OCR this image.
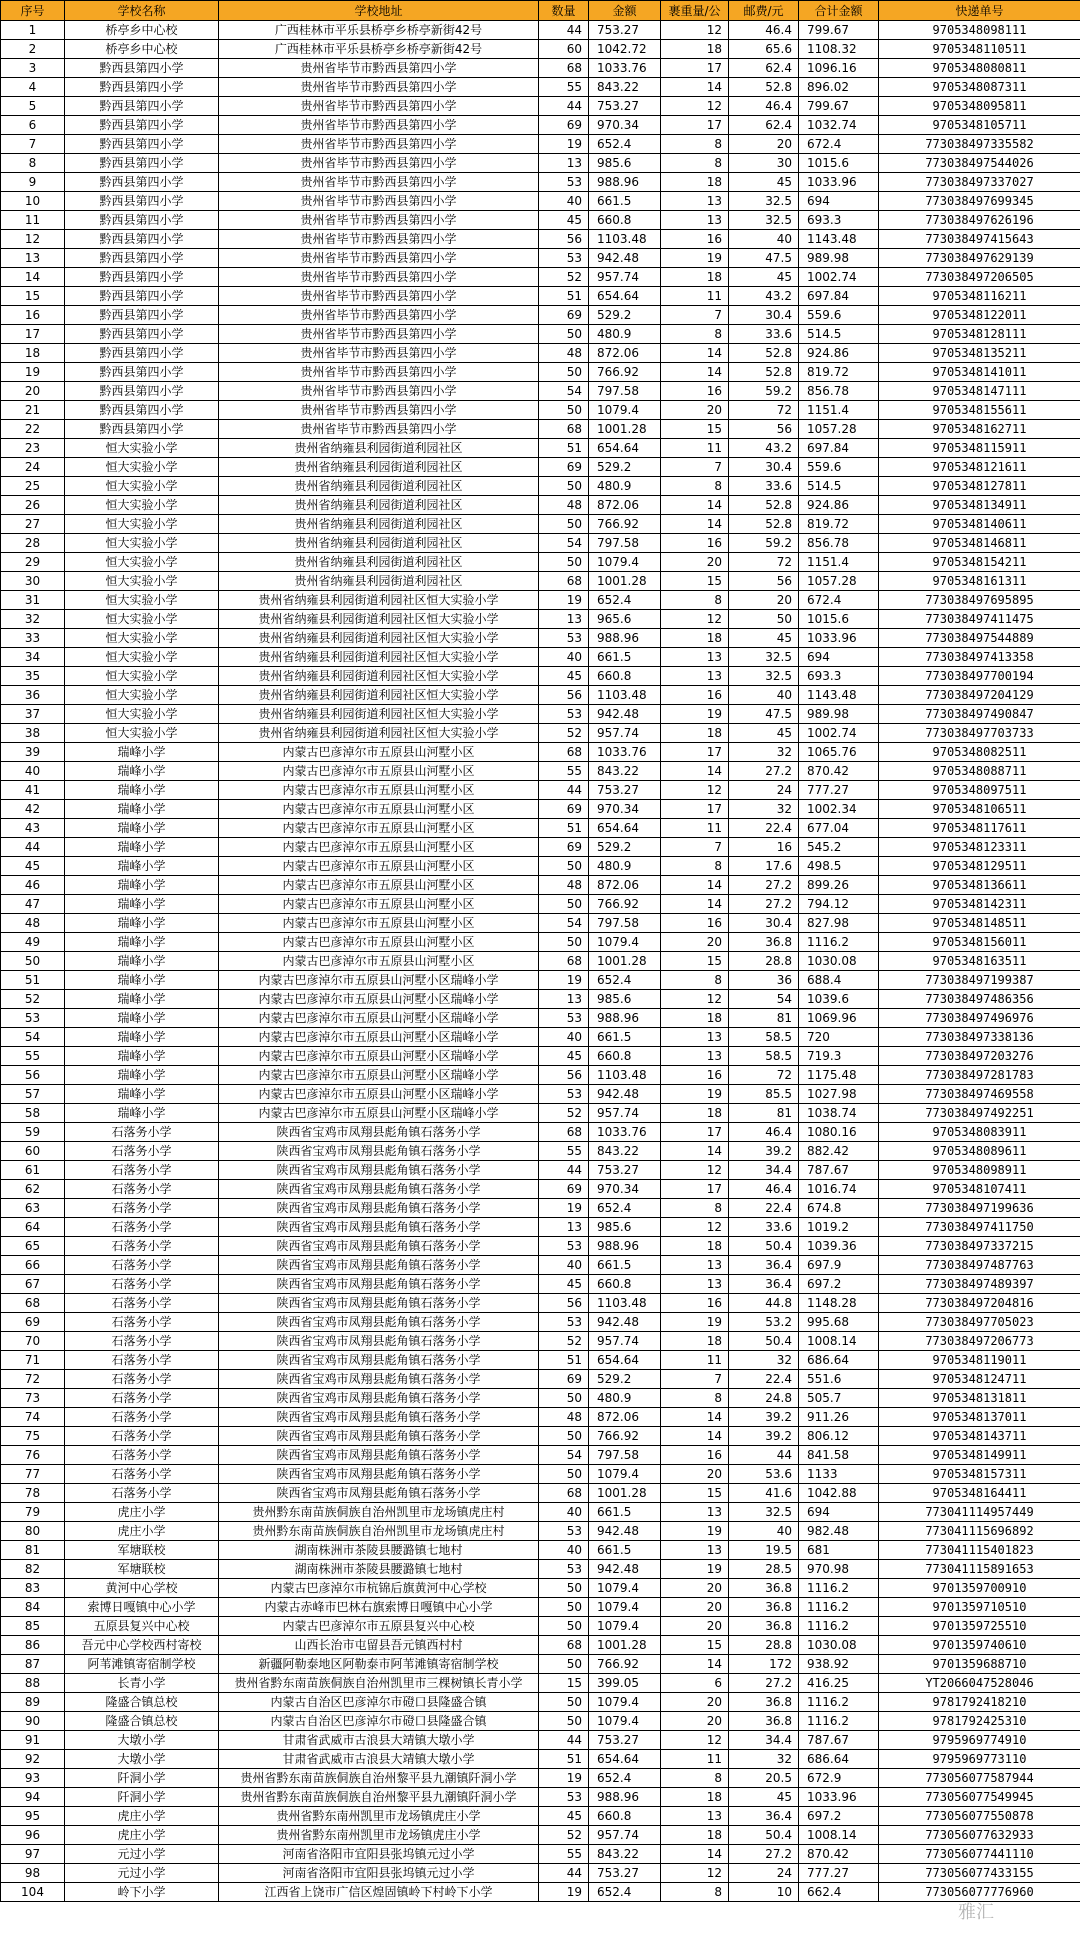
序号	学校名称	学校地址	数量	金额	裹重量/公	邮费/元	合计金额	快递单号
1	桥亭乡中心校	广西桂林市平乐县桥亭乡桥亭新街42号	44	753.27	12	46.4	799.67	9705348098111
2	桥亭乡中心校	广西桂林市平乐县桥亭乡桥亭新街42号	60	1042.72	18	65.6	1108.32	9705348110511
3	黔西县第四小学	贵州省毕节市黔西县第四小学	68	1033.76	17	62.4	1096.16	9705348080811
4	黔西县第四小学	贵州省毕节市黔西县第四小学	55	843.22	14	52.8	896.02	9705348087311
5	黔西县第四小学	贵州省毕节市黔西县第四小学	44	753.27	12	46.4	799.67	9705348095811
6	黔西县第四小学	贵州省毕节市黔西县第四小学	69	970.34	17	62.4	1032.74	9705348105711
7	黔西县第四小学	贵州省毕节市黔西县第四小学	19	652.4	8	20	672.4	773038497335582
8	黔西县第四小学	贵州省毕节市黔西县第四小学	13	985.6	8	30	1015.6	773038497544026
9	黔西县第四小学	贵州省毕节市黔西县第四小学	53	988.96	18	45	1033.96	773038497337027
10	黔西县第四小学	贵州省毕节市黔西县第四小学	40	661.5	13	32.5	694	773038497699345
11	黔西县第四小学	贵州省毕节市黔西县第四小学	45	660.8	13	32.5	693.3	773038497626196
12	黔西县第四小学	贵州省毕节市黔西县第四小学	56	1103.48	16	40	1143.48	773038497415643
13	黔西县第四小学	贵州省毕节市黔西县第四小学	53	942.48	19	47.5	989.98	773038497629139
14	黔西县第四小学	贵州省毕节市黔西县第四小学	52	957.74	18	45	1002.74	773038497206505
15	黔西县第四小学	贵州省毕节市黔西县第四小学	51	654.64	11	43.2	697.84	9705348116211
16	黔西县第四小学	贵州省毕节市黔西县第四小学	69	529.2	7	30.4	559.6	9705348122011
17	黔西县第四小学	贵州省毕节市黔西县第四小学	50	480.9	8	33.6	514.5	9705348128111
18	黔西县第四小学	贵州省毕节市黔西县第四小学	48	872.06	14	52.8	924.86	9705348135211
19	黔西县第四小学	贵州省毕节市黔西县第四小学	50	766.92	14	52.8	819.72	9705348141011
20	黔西县第四小学	贵州省毕节市黔西县第四小学	54	797.58	16	59.2	856.78	9705348147111
21	黔西县第四小学	贵州省毕节市黔西县第四小学	50	1079.4	20	72	1151.4	9705348155611
22	黔西县第四小学	贵州省毕节市黔西县第四小学	68	1001.28	15	56	1057.28	9705348162711
23	恒大实验小学	贵州省纳雍县利园街道利园社区	51	654.64	11	43.2	697.84	9705348115911
24	恒大实验小学	贵州省纳雍县利园街道利园社区	69	529.2	7	30.4	559.6	9705348121611
25	恒大实验小学	贵州省纳雍县利园街道利园社区	50	480.9	8	33.6	514.5	9705348127811
26	恒大实验小学	贵州省纳雍县利园街道利园社区	48	872.06	14	52.8	924.86	9705348134911
27	恒大实验小学	贵州省纳雍县利园街道利园社区	50	766.92	14	52.8	819.72	9705348140611
28	恒大实验小学	贵州省纳雍县利园街道利园社区	54	797.58	16	59.2	856.78	9705348146811
29	恒大实验小学	贵州省纳雍县利园街道利园社区	50	1079.4	20	72	1151.4	9705348154211
30	恒大实验小学	贵州省纳雍县利园街道利园社区	68	1001.28	15	56	1057.28	9705348161311
31	恒大实验小学	贵州省纳雍县利园街道利园社区恒大实验小学	19	652.4	8	20	672.4	773038497695895
32	恒大实验小学	贵州省纳雍县利园街道利园社区恒大实验小学	13	965.6	12	50	1015.6	773038497411475
33	恒大实验小学	贵州省纳雍县利园街道利园社区恒大实验小学	53	988.96	18	45	1033.96	773038497544889
34	恒大实验小学	贵州省纳雍县利园街道利园社区恒大实验小学	40	661.5	13	32.5	694	773038497413358
35	恒大实验小学	贵州省纳雍县利园街道利园社区恒大实验小学	45	660.8	13	32.5	693.3	773038497700194
36	恒大实验小学	贵州省纳雍县利园街道利园社区恒大实验小学	56	1103.48	16	40	1143.48	773038497204129
37	恒大实验小学	贵州省纳雍县利园街道利园社区恒大实验小学	53	942.48	19	47.5	989.98	773038497490847
38	恒大实验小学	贵州省纳雍县利园街道利园社区恒大实验小学	52	957.74	18	45	1002.74	773038497703733
39	瑞峰小学	内蒙古巴彦淖尔市五原县山河墅小区	68	1033.76	17	32	1065.76	9705348082511
40	瑞峰小学	内蒙古巴彦淖尔市五原县山河墅小区	55	843.22	14	27.2	870.42	9705348088711
41	瑞峰小学	内蒙古巴彦淖尔市五原县山河墅小区	44	753.27	12	24	777.27	9705348097511
42	瑞峰小学	内蒙古巴彦淖尔市五原县山河墅小区	69	970.34	17	32	1002.34	9705348106511
43	瑞峰小学	内蒙古巴彦淖尔市五原县山河墅小区	51	654.64	11	22.4	677.04	9705348117611
44	瑞峰小学	内蒙古巴彦淖尔市五原县山河墅小区	69	529.2	7	16	545.2	9705348123311
45	瑞峰小学	内蒙古巴彦淖尔市五原县山河墅小区	50	480.9	8	17.6	498.5	9705348129511
46	瑞峰小学	内蒙古巴彦淖尔市五原县山河墅小区	48	872.06	14	27.2	899.26	9705348136611
47	瑞峰小学	内蒙古巴彦淖尔市五原县山河墅小区	50	766.92	14	27.2	794.12	9705348142311
48	瑞峰小学	内蒙古巴彦淖尔市五原县山河墅小区	54	797.58	16	30.4	827.98	9705348148511
49	瑞峰小学	内蒙古巴彦淖尔市五原县山河墅小区	50	1079.4	20	36.8	1116.2	9705348156011
50	瑞峰小学	内蒙古巴彦淖尔市五原县山河墅小区	68	1001.28	15	28.8	1030.08	9705348163511
51	瑞峰小学	内蒙古巴彦淖尔市五原县山河墅小区瑞峰小学	19	652.4	8	36	688.4	773038497199387
52	瑞峰小学	内蒙古巴彦淖尔市五原县山河墅小区瑞峰小学	13	985.6	12	54	1039.6	773038497486356
53	瑞峰小学	内蒙古巴彦淖尔市五原县山河墅小区瑞峰小学	53	988.96	18	81	1069.96	773038497496976
54	瑞峰小学	内蒙古巴彦淖尔市五原县山河墅小区瑞峰小学	40	661.5	13	58.5	720	773038497338136
55	瑞峰小学	内蒙古巴彦淖尔市五原县山河墅小区瑞峰小学	45	660.8	13	58.5	719.3	773038497203276
56	瑞峰小学	内蒙古巴彦淖尔市五原县山河墅小区瑞峰小学	56	1103.48	16	72	1175.48	773038497281783
57	瑞峰小学	内蒙古巴彦淖尔市五原县山河墅小区瑞峰小学	53	942.48	19	85.5	1027.98	773038497469558
58	瑞峰小学	内蒙古巴彦淖尔市五原县山河墅小区瑞峰小学	52	957.74	18	81	1038.74	773038497492251
59	石落务小学	陕西省宝鸡市凤翔县彪角镇石落务小学	68	1033.76	17	46.4	1080.16	9705348083911
60	石落务小学	陕西省宝鸡市凤翔县彪角镇石落务小学	55	843.22	14	39.2	882.42	9705348089611
61	石落务小学	陕西省宝鸡市凤翔县彪角镇石落务小学	44	753.27	12	34.4	787.67	9705348098911
62	石落务小学	陕西省宝鸡市凤翔县彪角镇石落务小学	69	970.34	17	46.4	1016.74	9705348107411
63	石落务小学	陕西省宝鸡市凤翔县彪角镇石落务小学	19	652.4	8	22.4	674.8	773038497199636
64	石落务小学	陕西省宝鸡市凤翔县彪角镇石落务小学	13	985.6	12	33.6	1019.2	773038497411750
65	石落务小学	陕西省宝鸡市凤翔县彪角镇石落务小学	53	988.96	18	50.4	1039.36	773038497337215
66	石落务小学	陕西省宝鸡市凤翔县彪角镇石落务小学	40	661.5	13	36.4	697.9	773038497487763
67	石落务小学	陕西省宝鸡市凤翔县彪角镇石落务小学	45	660.8	13	36.4	697.2	773038497489397
68	石落务小学	陕西省宝鸡市凤翔县彪角镇石落务小学	56	1103.48	16	44.8	1148.28	773038497204816
69	石落务小学	陕西省宝鸡市凤翔县彪角镇石落务小学	53	942.48	19	53.2	995.68	773038497705023
70	石落务小学	陕西省宝鸡市凤翔县彪角镇石落务小学	52	957.74	18	50.4	1008.14	773038497206773
71	石落务小学	陕西省宝鸡市凤翔县彪角镇石落务小学	51	654.64	11	32	686.64	9705348119011
72	石落务小学	陕西省宝鸡市凤翔县彪角镇石落务小学	69	529.2	7	22.4	551.6	9705348124711
73	石落务小学	陕西省宝鸡市凤翔县彪角镇石落务小学	50	480.9	8	24.8	505.7	9705348131811
74	石落务小学	陕西省宝鸡市凤翔县彪角镇石落务小学	48	872.06	14	39.2	911.26	9705348137011
75	石落务小学	陕西省宝鸡市凤翔县彪角镇石落务小学	50	766.92	14	39.2	806.12	9705348143711
76	石落务小学	陕西省宝鸡市凤翔县彪角镇石落务小学	54	797.58	16	44	841.58	9705348149911
77	石落务小学	陕西省宝鸡市凤翔县彪角镇石落务小学	50	1079.4	20	53.6	1133	9705348157311
78	石落务小学	陕西省宝鸡市凤翔县彪角镇石落务小学	68	1001.28	15	41.6	1042.88	9705348164411
79	虎庄小学	贵州黔东南苗族侗族自治州凯里市龙场镇虎庄村	40	661.5	13	32.5	694	773041114957449
80	虎庄小学	贵州黔东南苗族侗族自治州凯里市龙场镇虎庄村	53	942.48	19	40	982.48	773041115696892
81	军塘联校	湖南株洲市茶陵县腰潞镇七地村	40	661.5	13	19.5	681	773041115401823
82	军塘联校	湖南株洲市茶陵县腰潞镇七地村	53	942.48	19	28.5	970.98	773041115891653
83	黄河中心学校	内蒙古巴彦淖尔市杭锦后旗黄河中心学校	50	1079.4	20	36.8	1116.2	9701359700910
84	索博日嘎镇中心小学	内蒙古赤峰市巴林右旗索博日嘎镇中心小学	50	1079.4	20	36.8	1116.2	9701359710510
85	五原县复兴中心校	内蒙古巴彦淖尔市五原县复兴中心校	50	1079.4	20	36.8	1116.2	9701359725510
86	吾元中心学校西村寄校	山西长治市屯留县吾元镇西村村	68	1001.28	15	28.8	1030.08	9701359740610
87	阿苇滩镇寄宿制学校	新疆阿勒泰地区阿勒泰市阿苇滩镇寄宿制学校	50	766.92	14	172	938.92	9701359688710
88	长青小学	贵州省黔东南苗族侗族自治州凯里市三棵树镇长青小学	15	399.05	6	27.2	416.25	YT2066047528046
89	隆盛合镇总校	内蒙古自治区巴彦淖尔市磴口县隆盛合镇	50	1079.4	20	36.8	1116.2	9781792418210
90	隆盛合镇总校	内蒙古自治区巴彦淖尔市磴口县隆盛合镇	50	1079.4	20	36.8	1116.2	9781792425310
91	大墩小学	甘肃省武威市古浪县大靖镇大墩小学	44	753.27	12	34.4	787.67	9795969774910
92	大墩小学	甘肃省武威市古浪县大靖镇大墩小学	51	654.64	11	32	686.64	9795969773110
93	阡洞小学	贵州省黔东南苗族侗族自治州黎平县九潮镇阡洞小学	19	652.4	8	20.5	672.9	773056077587944
94	阡洞小学	贵州省黔东南苗族侗族自治州黎平县九潮镇阡洞小学	53	988.96	18	45	1033.96	773056077549945
95	虎庄小学	贵州省黔东南州凯里市龙场镇虎庄小学	45	660.8	13	36.4	697.2	773056077550878
96	虎庄小学	贵州省黔东南州凯里市龙场镇虎庄小学	52	957.74	18	50.4	1008.14	773056077632933
97	元过小学	河南省洛阳市宜阳县张坞镇元过小学	55	843.22	14	27.2	870.42	773056077441110
98	元过小学	河南省洛阳市宜阳县张坞镇元过小学	44	753.27	12	24	777.27	773056077433155
104	岭下小学	江西省上饶市广信区煌固镇岭下村岭下小学	19	652.4	8	10	662.4	773056077776960
雅汇
